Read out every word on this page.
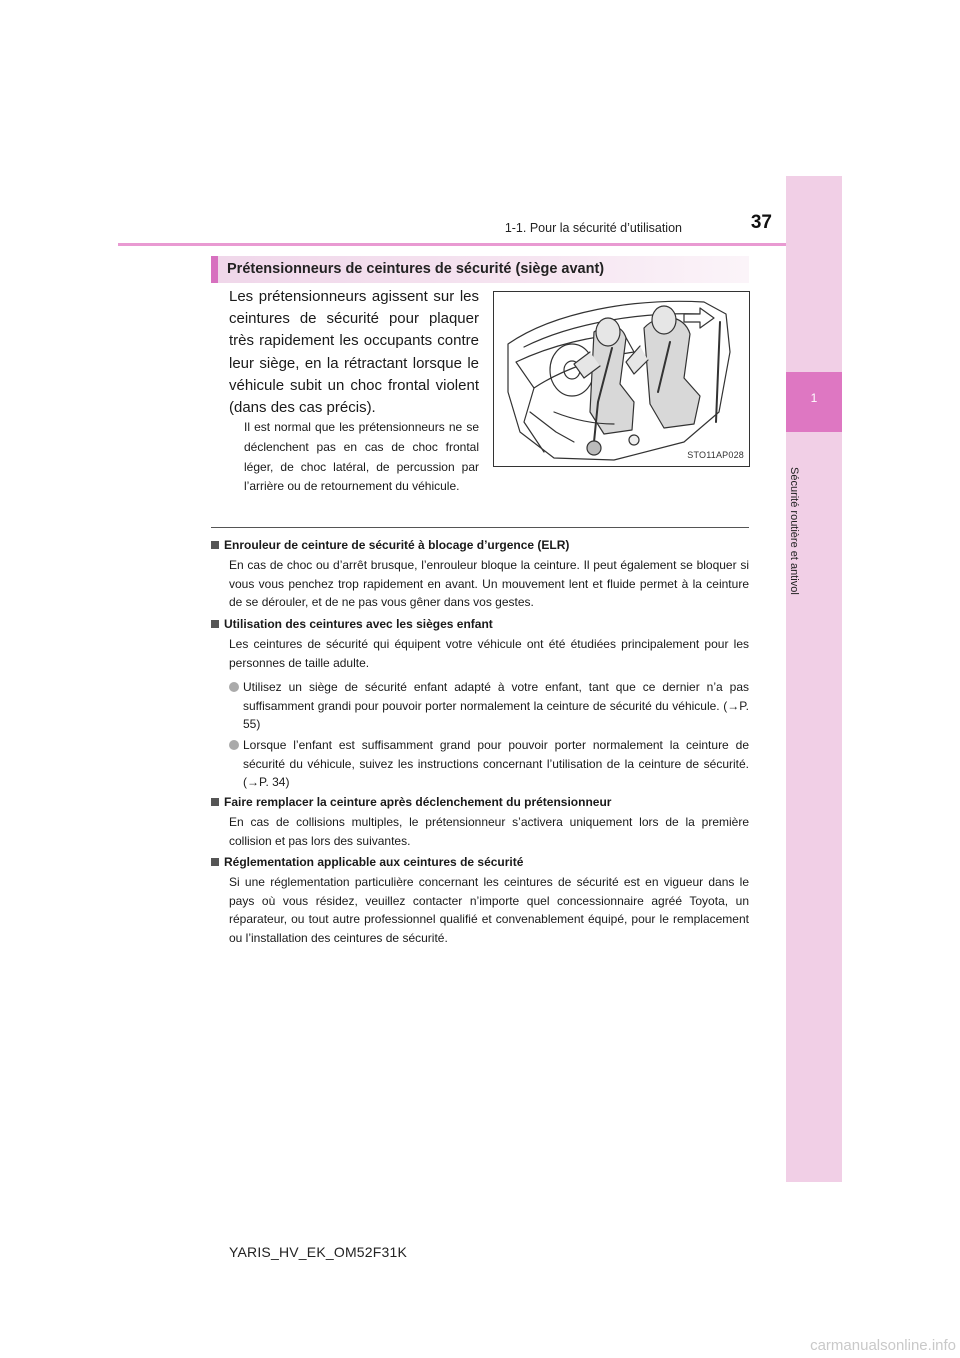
1-1. Pour la sécurité d’utilisation	37
1
Sécurité routière et antivol
Prétensionneurs de ceintures de sécurité (siège avant)

Les prétensionneurs agissent sur les ceintures de sécurité pour plaquer très rapidement les occupants contre leur siège, en la rétractant lorsque le véhicule subit un choc frontal violent (dans des cas précis).

Il est normal que les prétensionneurs ne se déclenchent pas en cas de choc frontal léger, de choc latéral, de percussion par l’arrière ou de retournement du véhicule.

STO11AP028
Enrouleur de ceinture de sécurité à blocage d’urgence (ELR)

En cas de choc ou d’arrêt brusque, l’enrouleur bloque la ceinture. Il peut également se bloquer si vous vous penchez trop rapidement en avant. Un mouvement lent et fluide permet à la ceinture de se dérouler, et de ne pas vous gêner dans vos gestes.

Utilisation des ceintures avec les sièges enfant

Les ceintures de sécurité qui équipent votre véhicule ont été étudiées principalement pour les personnes de taille adulte.

Utilisez un siège de sécurité enfant adapté à votre enfant, tant que ce dernier n’a pas suffisamment grandi pour pouvoir porter normalement la ceinture de sécurité du véhicule. (→P. 55)

Lorsque l’enfant est suffisamment grand pour pouvoir porter normalement la ceinture de sécurité du véhicule, suivez les instructions concernant l’utilisation de la ceinture de sécurité. (→P. 34)

Faire remplacer la ceinture après déclenchement du prétensionneur

En cas de collisions multiples, le prétensionneur s’activera uniquement lors de la première collision et pas lors des suivantes.

Réglementation applicable aux ceintures de sécurité

Si une réglementation particulière concernant les ceintures de sécurité est en vigueur dans le pays où vous résidez, veuillez contacter n’importe quel concessionnaire agréé Toyota, un réparateur, ou tout autre professionnel qualifié et convenablement équipé, pour le remplacement ou l’installation des ceintures de sécurité.

YARIS_HV_EK_OM52F31K
carmanualsonline.info
